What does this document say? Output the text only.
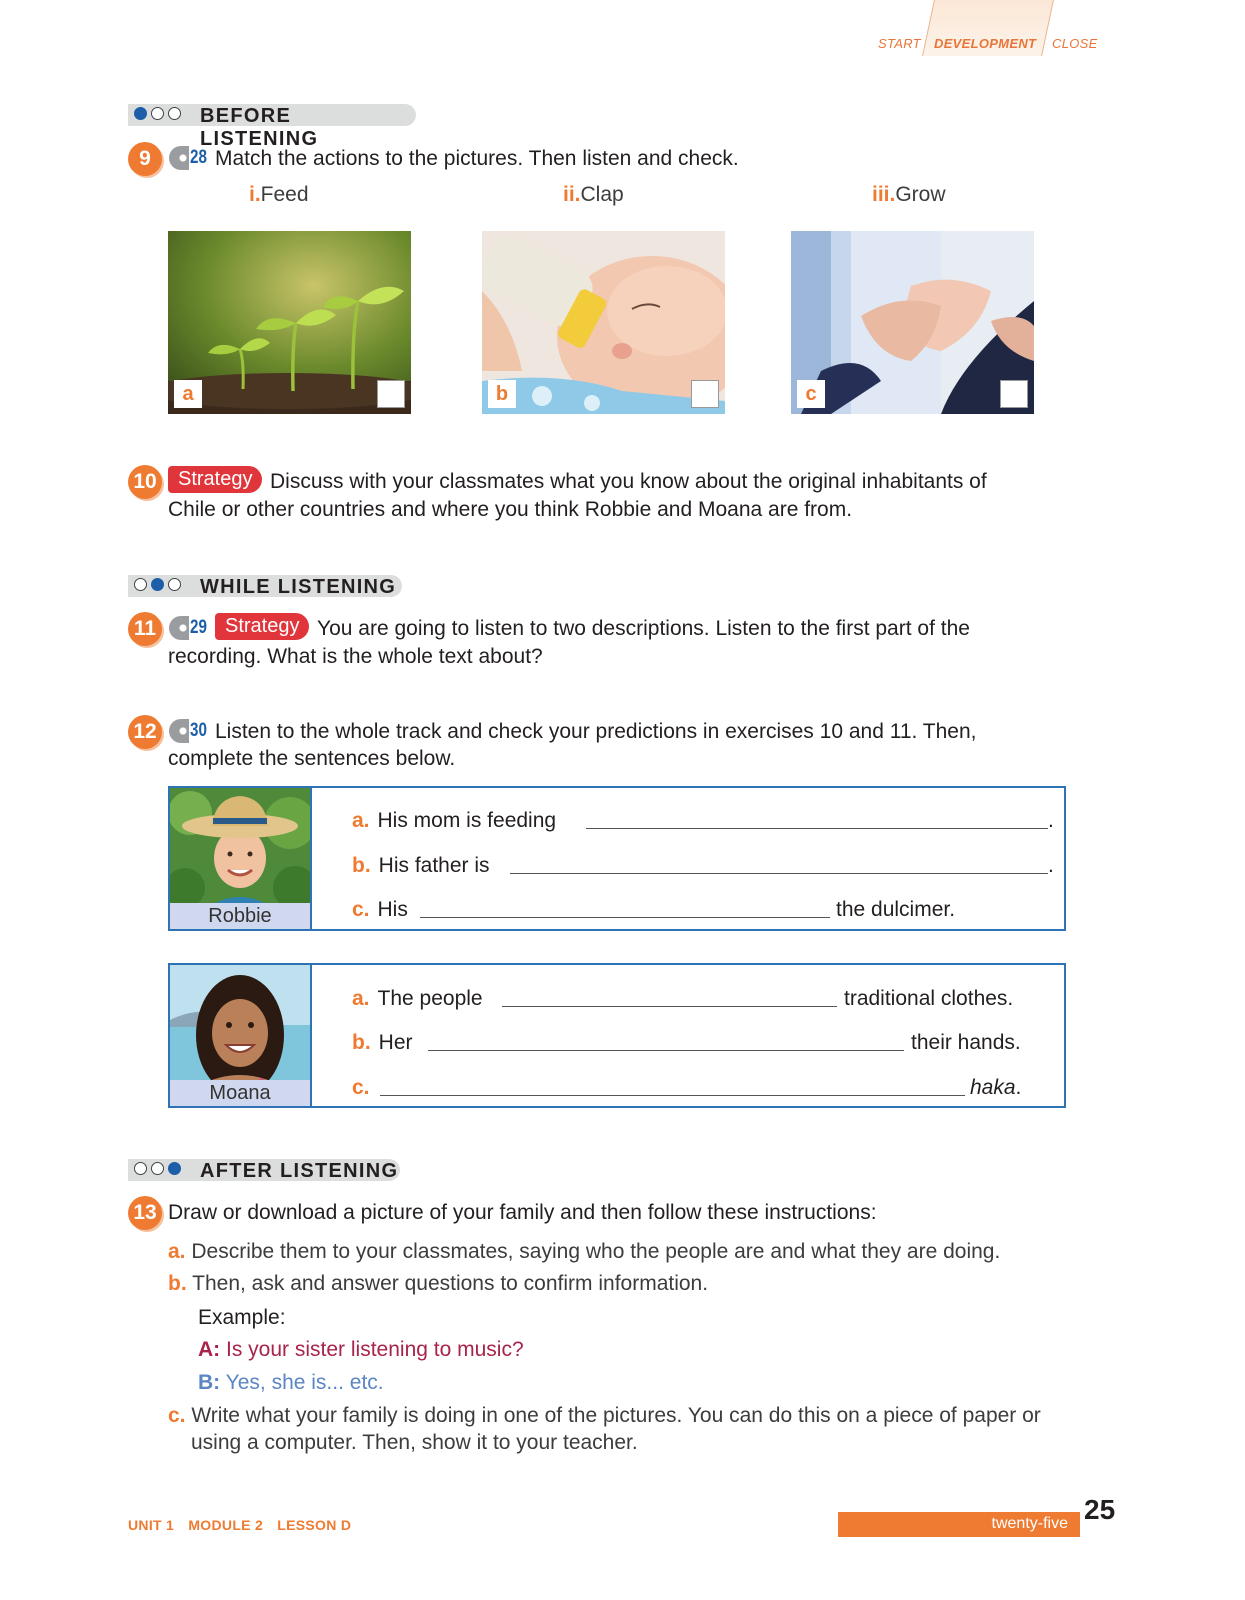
START DEVELOPMENT CLOSE
BEFORE LISTENING
9	28 Match the actions to the pictures. Then listen and check.
i.Feed	ii.Clap	iii.Grow
a	b	c
10	Strategy Discuss with your classmates what you know about the original inhabitants of
Chile or other countries and where you think Robbie and Moana are from.
WHILE LISTENING
11	29 Strategy You are going to listen to two descriptions. Listen to the first part of the
recording. What is the whole text about?
12 30 Listen to the whole track and check your predictions in exercises 10 and 11. Then,
complete the sentences below.
Robbie
a. His mom is feeding	.
b. His father is	.
c. His	the dulcimer.
Moana
a. The people	traditional clothes.
b. Her	their hands.
c.	haka.
AFTER LISTENING
13 Draw or download a picture of your family and then follow these instructions:
a. Describe them to your classmates, saying who the people are and what they are doing.
b. Then, ask and answer questions to confirm information.
Example:
A: Is your sister listening to music?
B: Yes, she is... etc.
c. Write what your family is doing in one of the pictures. You can do this on a piece of paper or
using a computer. Then, show it to your teacher.
UNIT 1 MODULE 2 LESSON D	twenty-five 25
